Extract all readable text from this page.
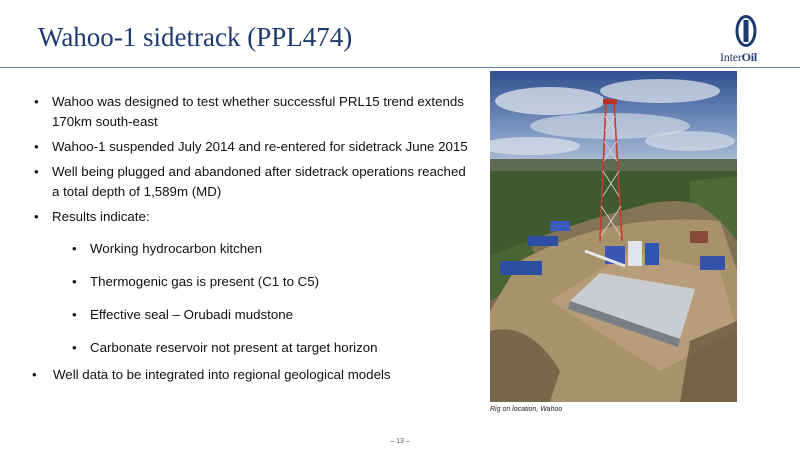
Wahoo-1 sidetrack (PPL474)
InterOil
• Wahoo was designed to test whether successful PRL15 trend extends 170km south-east
• Wahoo-1 suspended July 2014 and re-entered for sidetrack June 2015
• Well being plugged and abandoned after sidetrack operations reached a total depth of 1,589m (MD)
• Results indicate:
• Working hydrocarbon kitchen
• Thermogenic gas is present (C1 to C5)
• Effective seal – Orubadi mudstone
• Carbonate reservoir not present at target horizon
• Well data to be integrated into regional geological models
Rig on location, Wahoo
– 13 –
